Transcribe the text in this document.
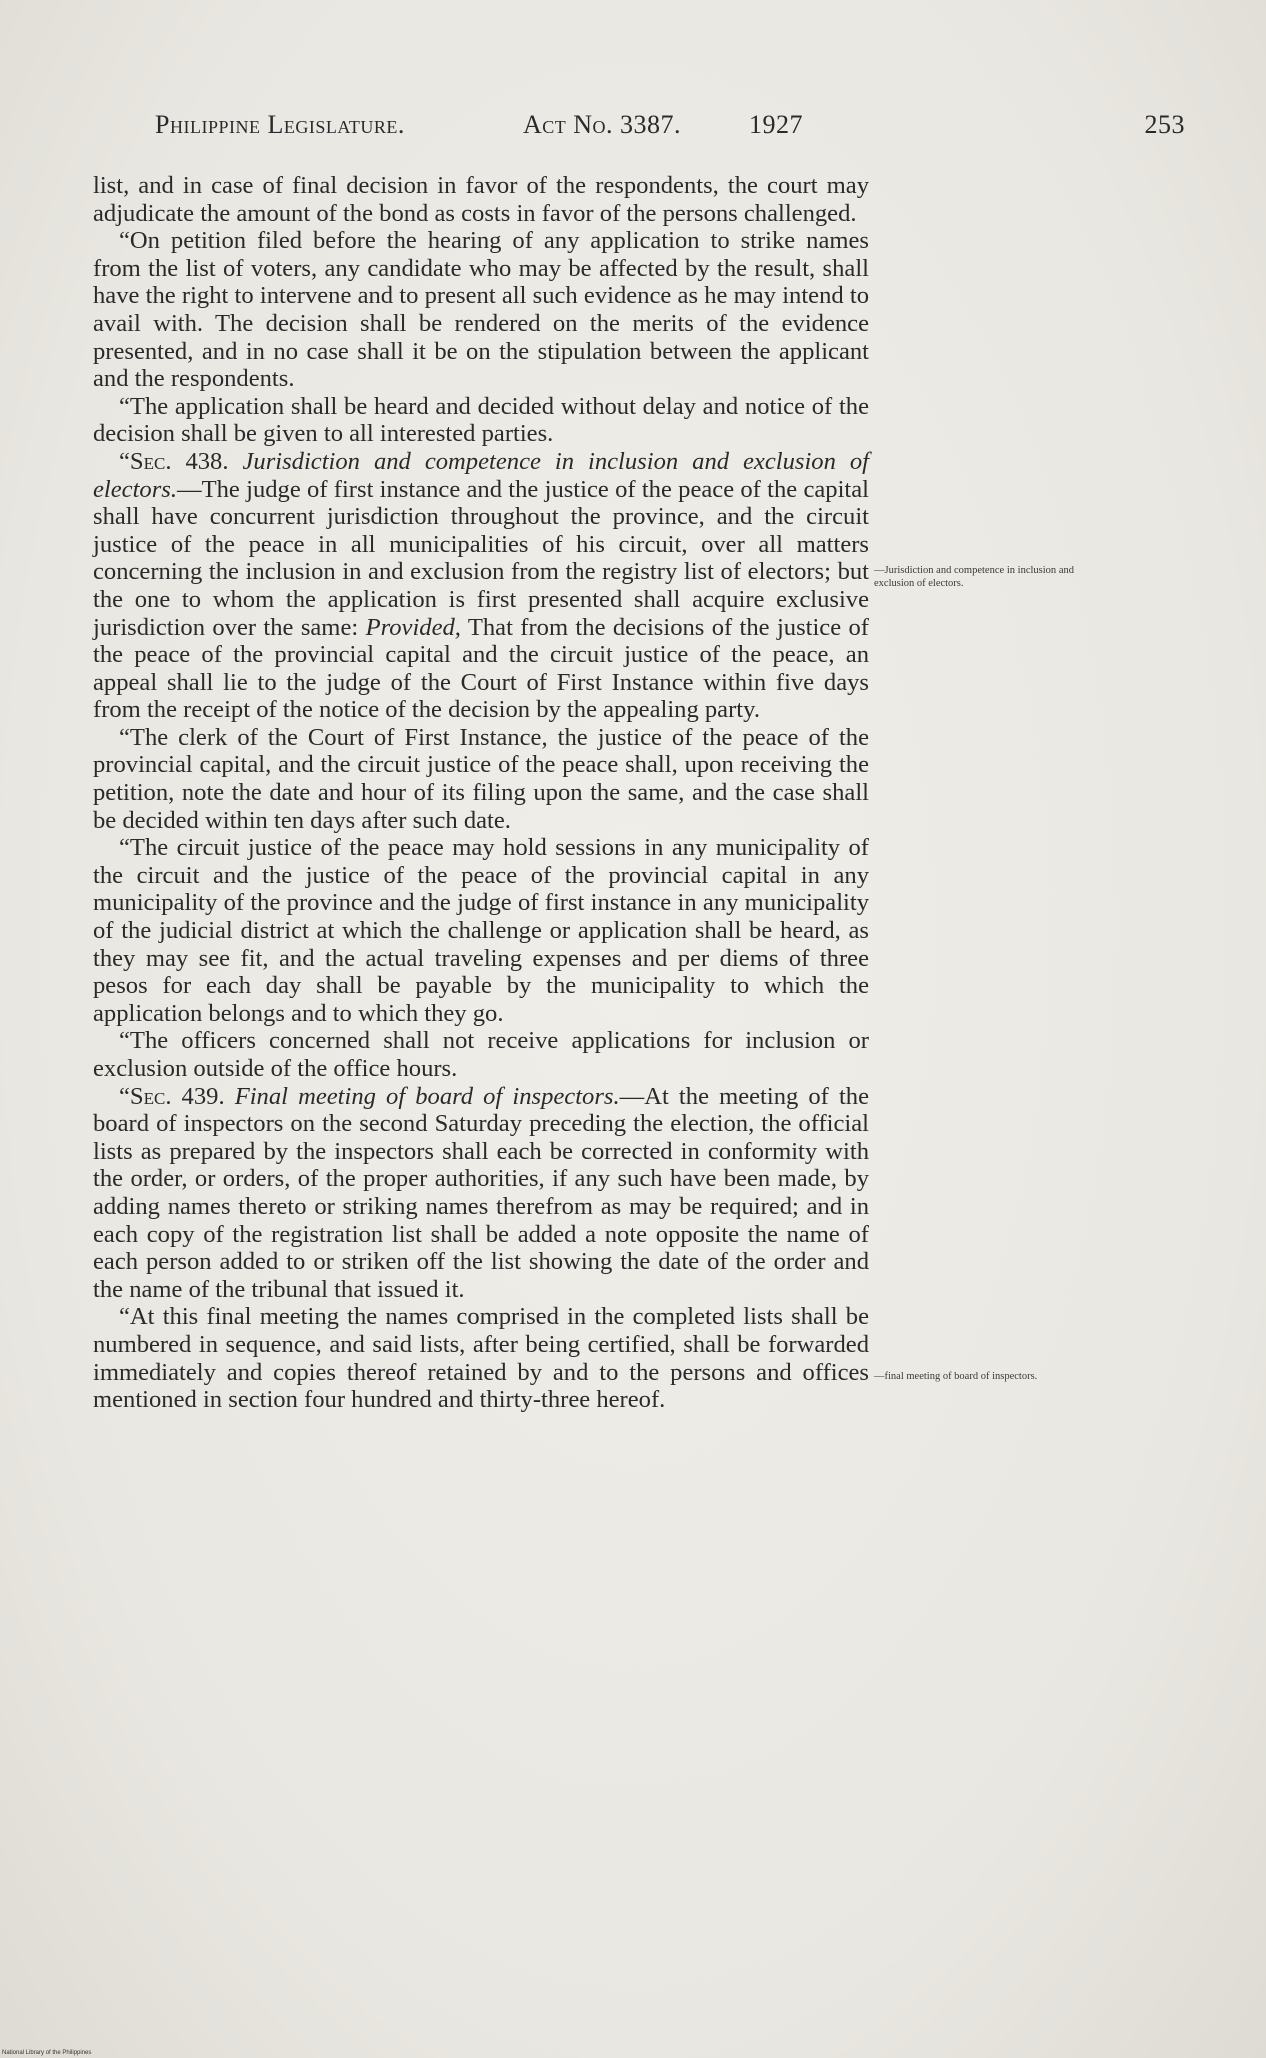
Philippine Legislature.	Act No. 3387.	1927	253

list, and in case of final decision in favor of the respondents, the court may adjudicate the amount of the bond as costs in favor of the persons challenged.

“On petition filed before the hearing of any application to strike names from the list of voters, any candidate who may be affected by the result, shall have the right to intervene and to present all such evidence as he may intend to avail with. The decision shall be rendered on the merits of the evidence presented, and in no case shall it be on the stipulation between the applicant and the respondents.

“The application shall be heard and decided without delay and notice of the decision shall be given to all interested parties.

“Sec. 438. Jurisdiction and competence in inclusion and exclusion of electors.—The judge of first instance and the justice of the peace of the capital shall have concurrent jurisdiction throughout the province, and the circuit justice of the peace in all municipalities of his circuit, over all matters concerning the inclusion in and exclusion from the registry list of electors; but the one to whom the application is first presented shall acquire exclusive jurisdiction over the same: Provided, That from the decisions of the justice of the peace of the provincial capital and the circuit justice of the peace, an appeal shall lie to the judge of the Court of First Instance within five days from the receipt of the notice of the decision by the appealing party.

“The clerk of the Court of First Instance, the justice of the peace of the provincial capital, and the circuit justice of the peace shall, upon receiving the petition, note the date and hour of its filing upon the same, and the case shall be decided within ten days after such date.

“The circuit justice of the peace may hold sessions in any municipality of the circuit and the justice of the peace of the provincial capital in any municipality of the province and the judge of first instance in any municipality of the judicial district at which the challenge or application shall be heard, as they may see fit, and the actual traveling expenses and per diems of three pesos for each day shall be payable by the municipality to which the application belongs and to which they go.

“The officers concerned shall not receive applications for inclusion or exclusion outside of the office hours.

“Sec. 439. Final meeting of board of inspectors.—At the meeting of the board of inspectors on the second Saturday preceding the election, the official lists as prepared by the inspectors shall each be corrected in conformity with the order, or orders, of the proper authorities, if any such have been made, by adding names thereto or striking names therefrom as may be required; and in each copy of the registration list shall be added a note opposite the name of each person added to or striken off the list showing the date of the order and the name of the tribunal that issued it.

“At this final meeting the names comprised in the completed lists shall be numbered in sequence, and said lists, after being certified, shall be forwarded immediately and copies thereof retained by and to the persons and offices mentioned in section four hundred and thirty-three hereof.

—Jurisdiction and competence in inclusion and exclusion of electors.
—final meeting of board of inspectors.
National Library of the Philippines
